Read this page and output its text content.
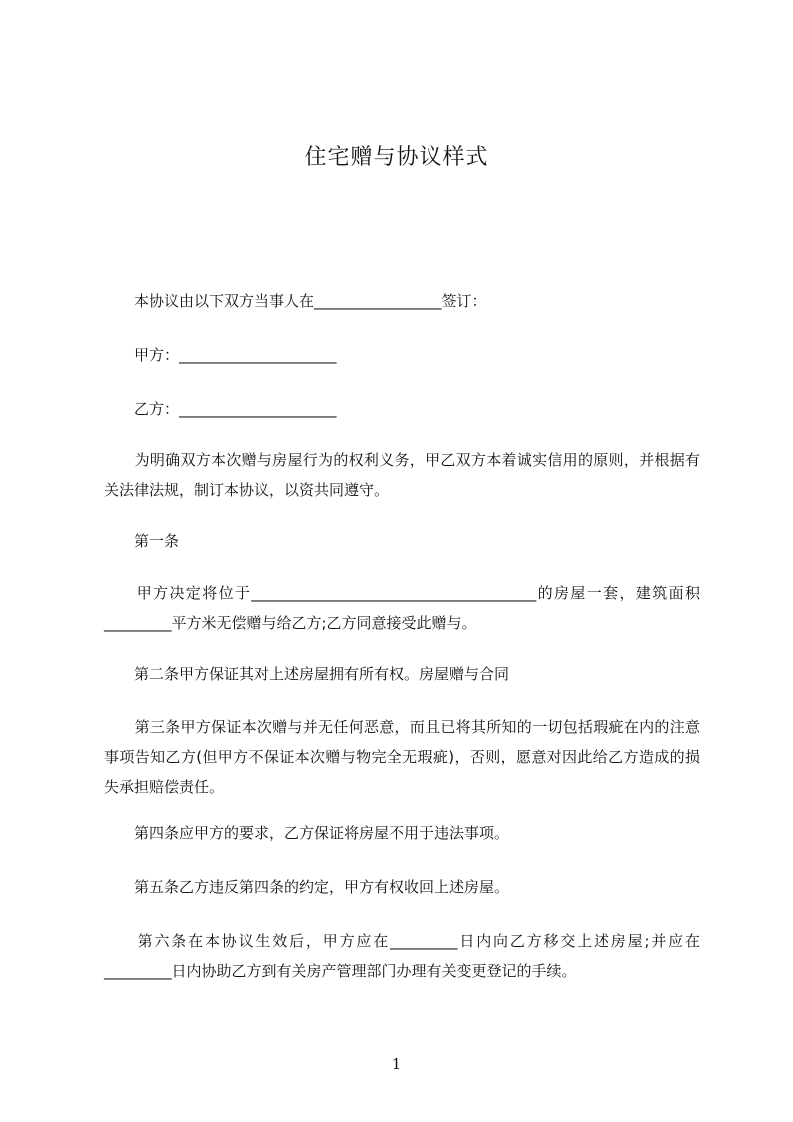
住宅赠与协议样式

　　本协议由以下双方当事人在_________________签订：

　　甲方：_____________________

　　乙方：_____________________

　　为明确双方本次赠与房屋行为的权利义务，甲乙双方本着诚实信用的原则，并根据有关法律法规，制订本协议，以资共同遵守。

　　第一条

　　甲方决定将位于______________________________________的房屋一套，建筑面积_________平方米无偿赠与给乙方;乙方同意接受此赠与。

　　第二条甲方保证其对上述房屋拥有所有权。房屋赠与合同

　　第三条甲方保证本次赠与并无任何恶意，而且已将其所知的一切包括瑕疵在内的注意事项告知乙方(但甲方不保证本次赠与物完全无瑕疵)，否则，愿意对因此给乙方造成的损失承担赔偿责任。

　　第四条应甲方的要求，乙方保证将房屋不用于违法事项。

　　第五条乙方违反第四条的约定，甲方有权收回上述房屋。

　　第六条在本协议生效后，甲方应在_________日内向乙方移交上述房屋;并应在_________日内协助乙方到有关房产管理部门办理有关变更登记的手续。

1
